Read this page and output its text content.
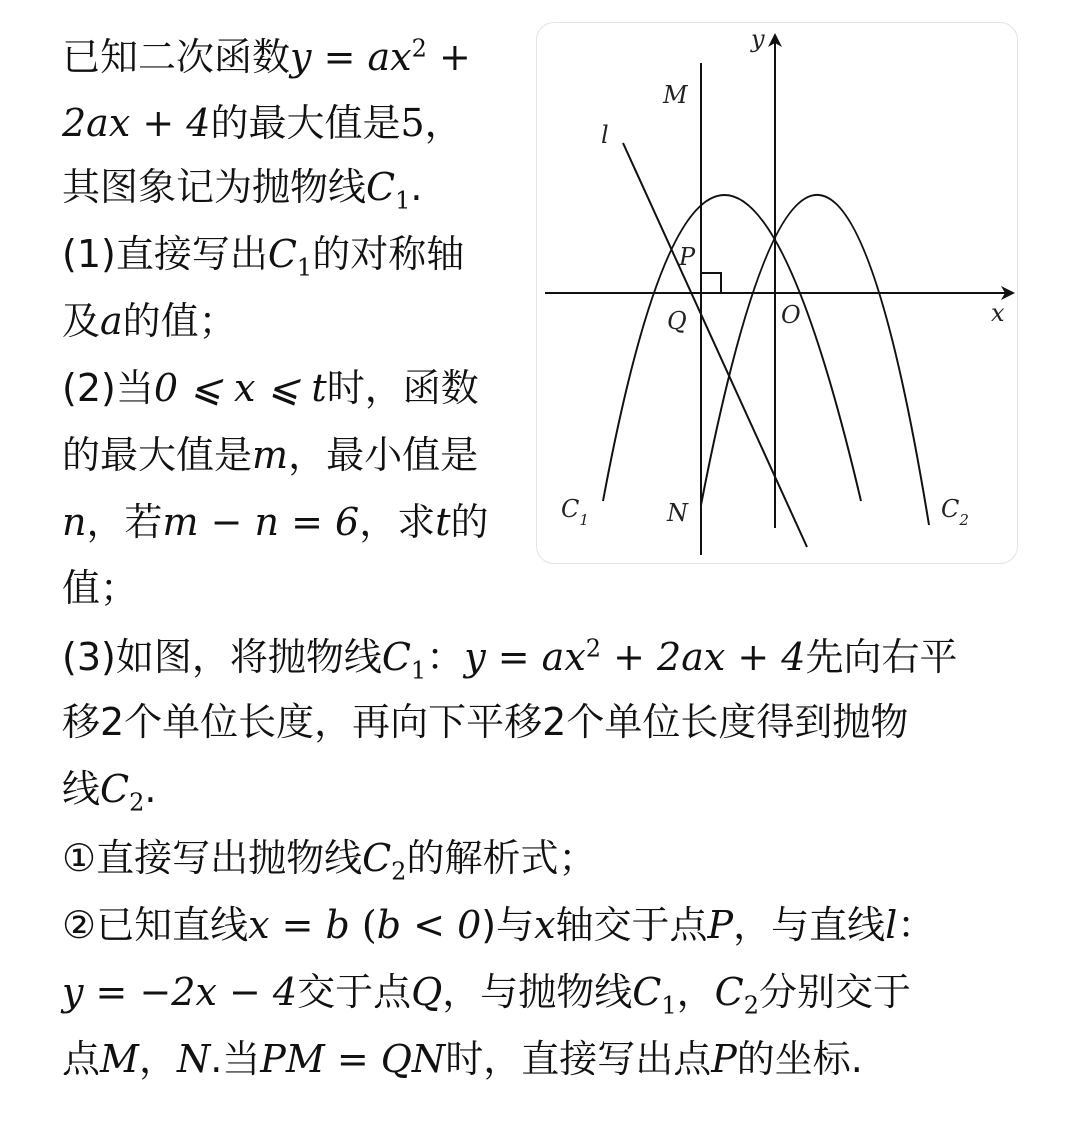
已知二次函数$y = ax^2$ +
2ax + 4的最大值是5，
其图象记为抛物线$C_1$.
(1)直接写出$C_1$的对称轴
及a的值；
(2)当0 ⩽ x ⩽ t时，函数
的最大值是m，最小值是
n，若m − n = 6，求t的
值；
(3)如图，将抛物线$C_1$：$y = ax^2 + 2ax + 4$先向右平
移2个单位长度，再向下平移2个单位长度得到抛物
线$C_2$.
①直接写出抛物线$C_2$的解析式；
②已知直线x = b (b < 0)与x轴交于点P，与直线l：
y = −2x − 4交于点Q，与抛物线$C_1$，$C_2$分别交于
点M，N.当PM = QN时，直接写出点P的坐标.
y
x
O
M
N
P
Q
l
$C_1$	$C_2$
